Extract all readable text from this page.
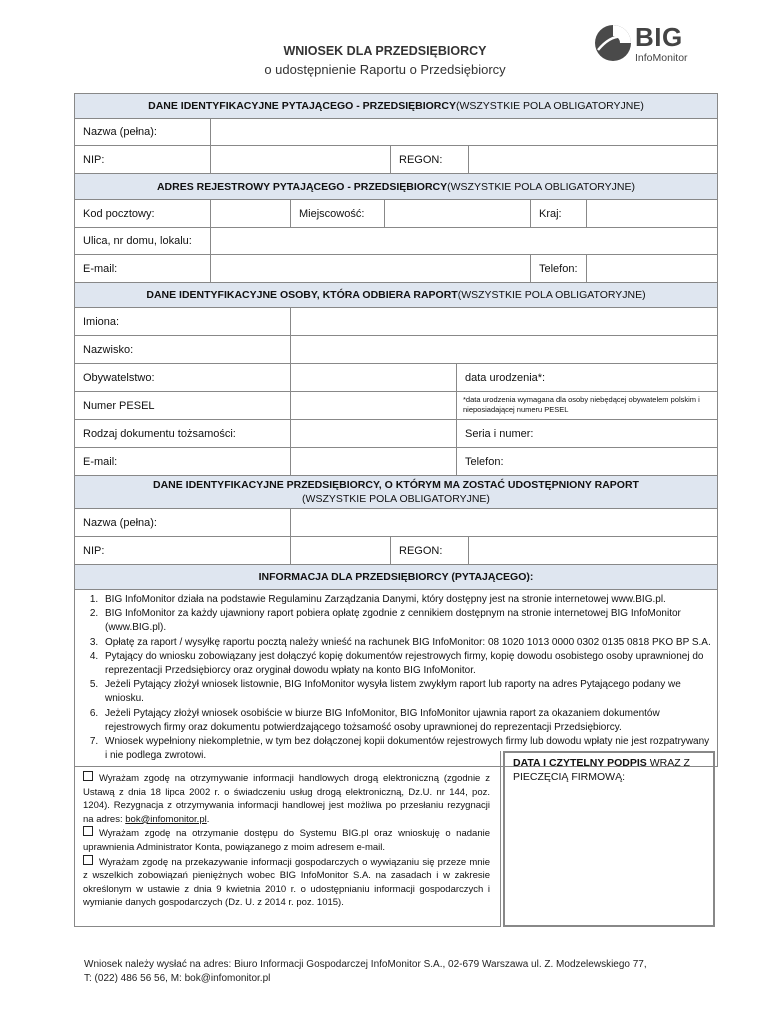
WNIOSEK DLA PRZEDSIĘBIORCY
o udostępnienie Raportu o Przedsiębiorcy
BIG
InfoMonitor
DANE IDENTYFIKACYJNE PYTAJĄCEGO - PRZEDSIĘBIORCY (WSZYSTKIE POLA OBLIGATORYJNE)
Nazwa (pełna):
NIP:	REGON:
ADRES REJESTROWY PYTAJĄCEGO - PRZEDSIĘBIORCY (WSZYSTKIE POLA OBLIGATORYJNE)
Kod pocztowy:	Miejscowość:	Kraj:
Ulica, nr domu, lokalu:
E-mail:	Telefon:
DANE IDENTYFIKACYJNE OSOBY, KTÓRA ODBIERA RAPORT (WSZYSTKIE POLA OBLIGATORYJNE)
Imiona:
Nazwisko:
Obywatelstwo:	data urodzenia*:
Numer PESEL	*data urodzenia wymagana dla osoby niebędącej obywatelem polskim i nieposiadającej numeru PESEL
Rodzaj dokumentu tożsamości:	Seria i numer:
E-mail:	Telefon:
DANE IDENTYFIKACYJNE PRZEDSIĘBIORCY, O KTÓRYM MA ZOSTAĆ UDOSTĘPNIONY RAPORT
(WSZYSTKIE POLA OBLIGATORYJNE)
Nazwa (pełna):
NIP:	REGON:
INFORMACJA DLA PRZEDSIĘBIORCY (PYTAJĄCEGO):
1. BIG InfoMonitor działa na podstawie Regulaminu Zarządzania Danymi, który dostępny jest na stronie internetowej www.BIG.pl.
2. BIG InfoMonitor za każdy ujawniony raport pobiera opłatę zgodnie z cennikiem dostępnym na stronie internetowej BIG InfoMonitor (www.BIG.pl).
3. Opłatę za raport / wysyłkę raportu pocztą należy wnieść na rachunek BIG InfoMonitor: 08 1020 1013 0000 0302 0135 0818 PKO BP S.A.
4. Pytający do wniosku zobowiązany jest dołączyć kopię dokumentów rejestrowych firmy, kopię dowodu osobistego osoby uprawnionej do reprezentacji Przedsiębiorcy oraz oryginał dowodu wpłaty na konto BIG InfoMonitor.
5. Jeżeli Pytający złożył wniosek listownie, BIG InfoMonitor wysyła listem zwykłym raport lub raporty na adres Pytającego podany we wniosku.
6. Jeżeli Pytający złożył wniosek osobiście w biurze BIG InfoMonitor, BIG InfoMonitor ujawnia raport za okazaniem dokumentów rejestrowych firmy oraz dokumentu potwierdzającego tożsamość osoby uprawnionej do reprezentacji Przedsiębiorcy.
7. Wniosek wypełniony niekompletnie, w tym bez dołączonej kopii dokumentów rejestrowych firmy lub dowodu wpłaty nie jest rozpatrywany i nie podlega zwrotowi.

Wyrażam zgodę na otrzymywanie informacji handlowych drogą elektroniczną (zgodnie z Ustawą z dnia 18 lipca 2002 r. o świadczeniu usług drogą elektroniczną, Dz.U. nr 144, poz. 1204). Rezygnacja z otrzymywania informacji handlowej jest możliwa po przesłaniu rezygnacji na adres: bok@infomonitor.pl.

Wyrażam zgodę na otrzymanie dostępu do Systemu BIG.pl oraz wnioskuję o nadanie uprawnienia Administrator Konta, powiązanego z moim adresem e-mail.

Wyrażam zgodę na przekazywanie informacji gospodarczych o wywiązaniu się przeze mnie z wszelkich zobowiązań pieniężnych wobec BIG InfoMonitor S.A. na zasadach i w zakresie określonym w ustawie z dnia 9 kwietnia 2010 r. o udostępnianiu informacji gospodarczych i wymianie danych gospodarczych (Dz. U. z 2014 r. poz. 1015).

DATA I CZYTELNY PODPIS WRAZ Z PIECZĘCIĄ FIRMOWĄ:
Wniosek należy wysłać na adres: Biuro Informacji Gospodarczej InfoMonitor S.A., 02-679 Warszawa ul. Z. Modzelewskiego 77,
T: (022) 486 56 56, M: bok@infomonitor.pl
